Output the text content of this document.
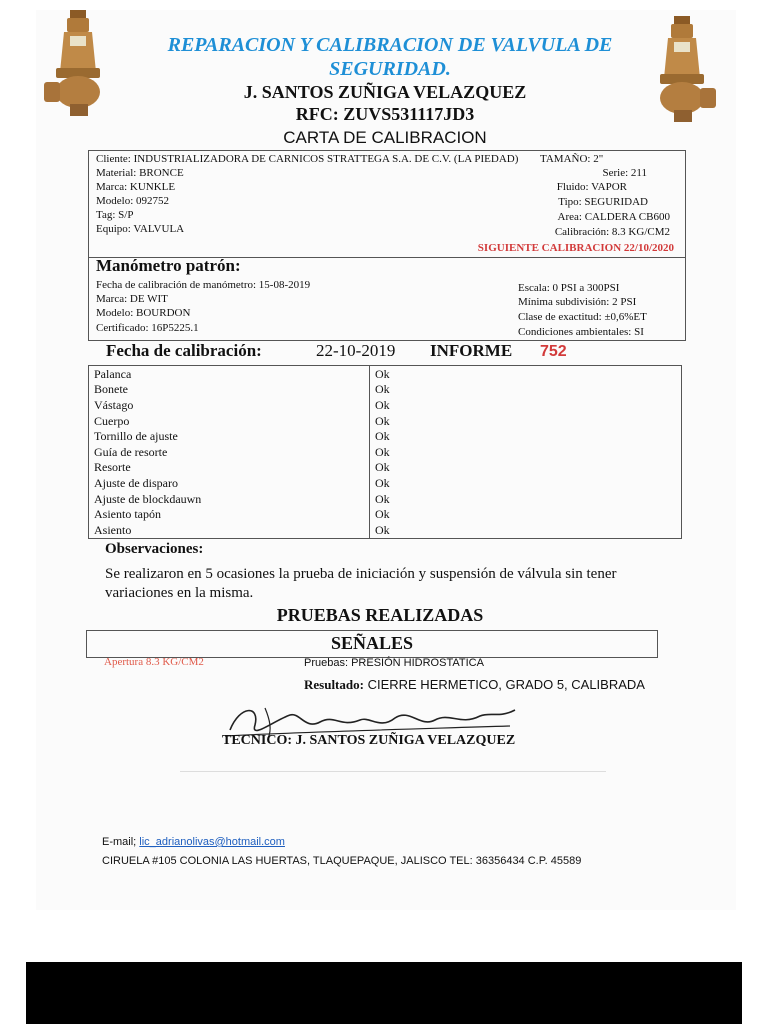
REPARACION Y CALIBRACION DE VALVULA DE
SEGURIDAD.
J. SANTOS ZUÑIGA VELAZQUEZ
RFC: ZUVS531117JD3
CARTA DE CALIBRACION
Cliente: INDUSTRIALIZADORA DE CARNICOS STRATTEGA S.A. DE C.V. (LA PIEDAD)
Material: BRONCE
Marca: KUNKLE
Modelo: 092752
Tag: S/P
Equipo: VALVULA
TAMAÑO: 2"
Serie: 211
Fluido: VAPOR
Tipo: SEGURIDAD
Area: CALDERA CB600
Calibración: 8.3 KG/CM2
SIGUIENTE CALIBRACION 22/10/2020
Manómetro patrón:
Fecha de calibración de manómetro: 15-08-2019
Marca: DE WIT
Modelo: BOURDON
Certificado: 16P5225.1
Escala: 0 PSI a 300PSI
Mínima subdivisión: 2 PSI
Clase de exactitud: ±0,6%ET
Condiciones ambientales: SI
Fecha de calibración:	22-10-2019 INFORME 752
Palanca	Ok
Bonete	Ok
Vástago	Ok
Cuerpo	Ok
Tornillo de ajuste	Ok
Guía de resorte	Ok
Resorte	Ok
Ajuste de disparo	Ok
Ajuste de blockdauwn	Ok
Asiento tapón	Ok
Asiento	Ok
Observaciones:
Se realizaron en 5 ocasiones la prueba de iniciación y suspensión de válvula sin tener variaciones en la misma.
PRUEBAS REALIZADAS
SEÑALES
Apertura 8.3 KG/CM2	Pruebas: PRESIÓN HIDROSTATICA
Resultado: CIERRE HERMETICO, GRADO 5, CALIBRADA
TECNICO: J. SANTOS ZUÑIGA VELAZQUEZ
E-mail; lic_adrianolivas@hotmail.com
CIRUELA #105 COLONIA LAS HUERTAS, TLAQUEPAQUE, JALISCO TEL: 36356434 C.P. 45589
